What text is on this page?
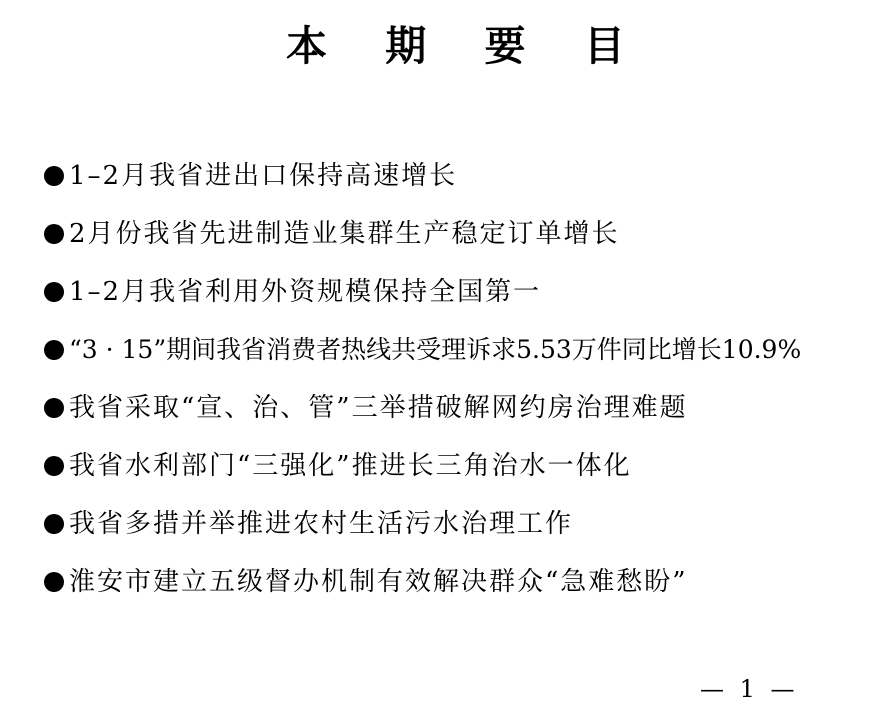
本 期 要 目
1–2月我省进出口保持高速增长
2月份我省先进制造业集群生产稳定订单增长
1–2月我省利用外资规模保持全国第一
“3 · 15”期间我省消费者热线共受理诉求5.53万件同比增长10.9%
我省采取“宣、治、管”三举措破解网约房治理难题
我省水利部门“三强化”推进长三角治水一体化
我省多措并举推进农村生活污水治理工作
淮安市建立五级督办机制有效解决群众“急难愁盼”
— 1 —
